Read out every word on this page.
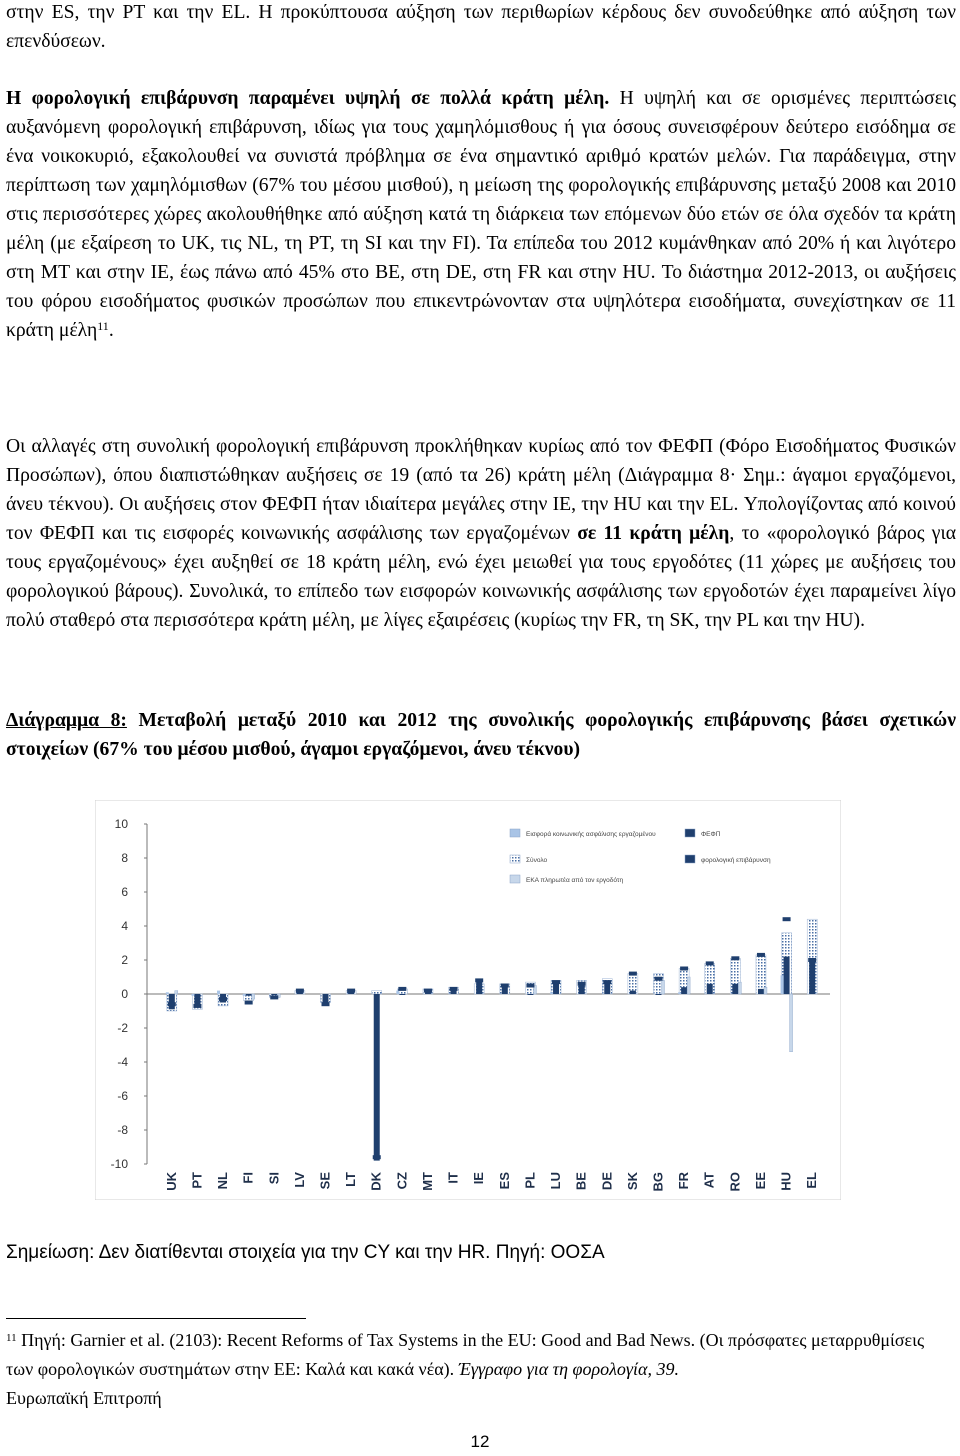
στην ES, την PT και την EL. Η προκύπτουσα αύξηση των περιθωρίων κέρδους δεν συνοδεύθηκε από αύξηση των επενδύσεων.

Η φορολογική επιβάρυνση παραμένει υψηλή σε πολλά κράτη μέλη. Η υψηλή και σε ορισμένες περιπτώσεις αυξανόμενη φορολογική επιβάρυνση, ιδίως για τους χαμηλόμισθους ή για όσους συνεισφέρουν δεύτερο εισόδημα σε ένα νοικοκυριό, εξακολουθεί να συνιστά πρόβλημα σε ένα σημαντικό αριθμό κρατών μελών. Για παράδειγμα, στην περίπτωση των χαμηλόμισθων (67% του μέσου μισθού), η μείωση της φορολογικής επιβάρυνσης μεταξύ 2008 και 2010 στις περισσότερες χώρες ακολουθήθηκε από αύξηση κατά τη διάρκεια των επόμενων δύο ετών σε όλα σχεδόν τα κράτη μέλη (με εξαίρεση το UK, τις NL, τη PT, τη SI και την FI). Τα επίπεδα του 2012 κυμάνθηκαν από 20% ή και λιγότερο στη MT και στην IE, έως πάνω από 45% στο BE, στη DE, στη FR και στην HU. Το διάστημα 2012-2013, οι αυξήσεις του φόρου εισοδήματος φυσικών προσώπων που επικεντρώνονταν στα υψηλότερα εισοδήματα, συνεχίστηκαν σε 11 κράτη μέλη$^{11}$.

Οι αλλαγές στη συνολική φορολογική επιβάρυνση προκλήθηκαν κυρίως από τον ΦΕΦΠ (Φόρο Εισοδήματος Φυσικών Προσώπων), όπου διαπιστώθηκαν αυξήσεις σε 19 (από τα 26) κράτη μέλη (Διάγραμμα 8· Σημ.: άγαμοι εργαζόμενοι, άνευ τέκνου). Οι αυξήσεις στον ΦΕΦΠ ήταν ιδιαίτερα μεγάλες στην IE, την HU και την EL. Υπολογίζοντας από κοινού τον ΦΕΦΠ και τις εισφορές κοινωνικής ασφάλισης των εργαζομένων σε 11 κράτη μέλη, το «φορολογικό βάρος για τους εργαζομένους» έχει αυξηθεί σε 18 κράτη μέλη, ενώ έχει μειωθεί για τους εργοδότες (11 χώρες με αυξήσεις του φορολογικού βάρους). Συνολικά, το επίπεδο των εισφορών κοινωνικής ασφάλισης των εργοδοτών έχει παραμείνει λίγο πολύ σταθερό στα περισσότερα κράτη μέλη, με λίγες εξαιρέσεις (κυρίως την FR, τη SK, την PL και την HU).

Διάγραμμα 8: Μεταβολή μεταξύ 2010 και 2012 της συνολικής φορολογικής επιβάρυνσης βάσει σχετικών στοιχείων (67% του μέσου μισθού, άγαμοι εργαζόμενοι, άνευ τέκνου)

10
8
6
4
2
0
-2
-4
-6
-8
-10
UK PT NL FI SI LV SE LT DK CZ MT IT IE ES PL LU BE DE SK BG FR AT RO EE HU EL
Εισφορά κοινωνικής ασφάλισης εργαζομένου	ΦΕΦΠ
Σύνολο	φορολογική επιβάρυνση
ΕΚΑ πληρωτέα από τον εργοδότη

Σημείωση: Δεν διατίθενται στοιχεία για την CY και την HR. Πηγή: ΟΟΣΑ

$^{11}$ Πηγή: Garnier et al. (2103): Recent Reforms of Tax Systems in the EU: Good and Bad News. (Οι πρόσφατες μεταρρυθμίσεις των φορολογικών συστημάτων στην ΕΕ: Καλά και κακά νέα). Έγγραφο για τη φορολογία, 39.
Ευρωπαϊκή Επιτροπή

12
